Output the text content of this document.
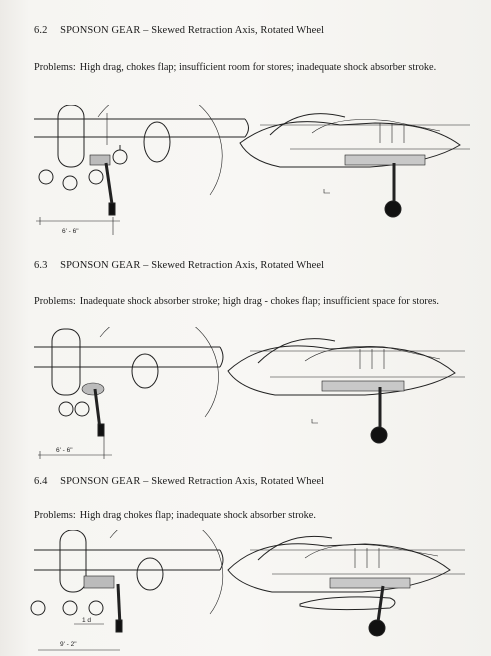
6.2 SPONSON GEAR – Skewed Retraction Axis, Rotated Wheel
Problems: High drag, chokes flap; insufficient room for stores; inadequate shock absorber stroke.
6' - 6"
6.3 SPONSON GEAR – Skewed Retraction Axis, Rotated Wheel
Problems: Inadequate shock absorber stroke; high drag - chokes flap; insufficient space for stores.
6' - 6"
6.4 SPONSON GEAR – Skewed Retraction Axis, Rotated Wheel
Problems: High drag chokes flap; inadequate shock absorber stroke.
1 d
9' - 2"
